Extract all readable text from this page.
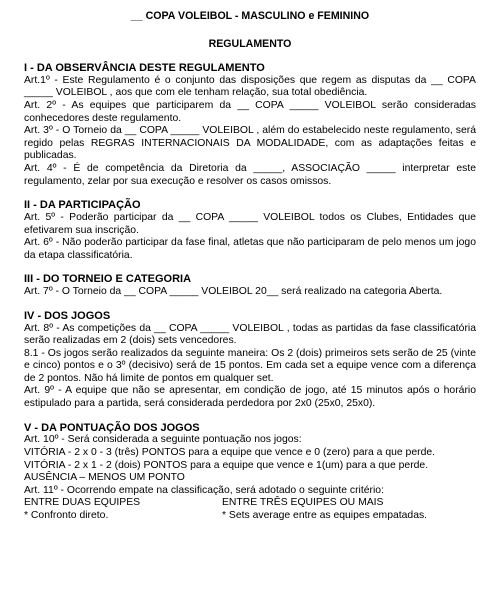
__ COPA VOLEIBOL - MASCULINO e FEMININO
REGULAMENTO
I - DA OBSERVÂNCIA DESTE REGULAMENTO

Art.1º - Este Regulamento é o conjunto das disposições que regem as disputas da __ COPA _____ VOLEIBOL , aos que com ele tenham relação, sua total obediência.

Art. 2º - As equipes que participarem da __ COPA _____ VOLEIBOL serão consideradas conhecedores deste regulamento.

Art. 3º - O Torneio da __ COPA _____ VOLEIBOL , além do estabelecido neste regulamento, será regido pelas REGRAS INTERNACIONAIS DA MODALIDADE, com as adaptações feitas e publicadas.

Art. 4º - É de competência da Diretoria da _____, ASSOCIAÇÃO _____ interpretar este regulamento, zelar por sua execução e resolver os casos omissos.

II - DA PARTICIPAÇÃO

Art. 5º - Poderão participar da __ COPA _____ VOLEIBOL todos os Clubes, Entidades que efetivarem sua inscrição.

Art. 6º - Não poderão participar da fase final, atletas que não participaram de pelo menos um jogo da etapa classificatória.

III - DO TORNEIO E CATEGORIA

Art. 7º - O Torneio da __ COPA _____ VOLEIBOL 20__ será realizado na categoria Aberta.

IV - DOS JOGOS

Art. 8º - As competições da __ COPA _____ VOLEIBOL , todas as partidas da fase classificatória serão realizadas em 2 (dois) sets vencedores.

8.1 - Os jogos serão realizados da seguinte maneira: Os 2 (dois) primeiros sets serão de 25 (vinte e cinco) pontos e o 3º (decisivo) será de 15 pontos. Em cada set a equipe vence com a diferença de 2 pontos. Não há limite de pontos em qualquer set.

Art. 9º - A equipe que não se apresentar, em condição de jogo, até 15 minutos após o horário estipulado para a partida, será considerada perdedora por 2x0 (25x0, 25x0).

V - DA PONTUAÇÃO DOS JOGOS

Art. 10º - Será considerada a seguinte pontuação nos jogos:

VITÓRIA - 2 x 0 - 3 (três) PONTOS para a equipe que vence e 0 (zero) para a que perde.

VITÓRIA - 2 x 1 - 2 (dois) PONTOS para a equipe que vence e 1(um) para a que perde.

AUSÊNCIA – MENOS UM PONTO

Art. 11º - Ocorrendo empate na classificação, será adotado o seguinte critério:

ENTRE DUAS EQUIPES
* Confronto direto.
ENTRE TRÊS EQUIPES OU MAIS
* Sets average entre as equipes empatadas.
